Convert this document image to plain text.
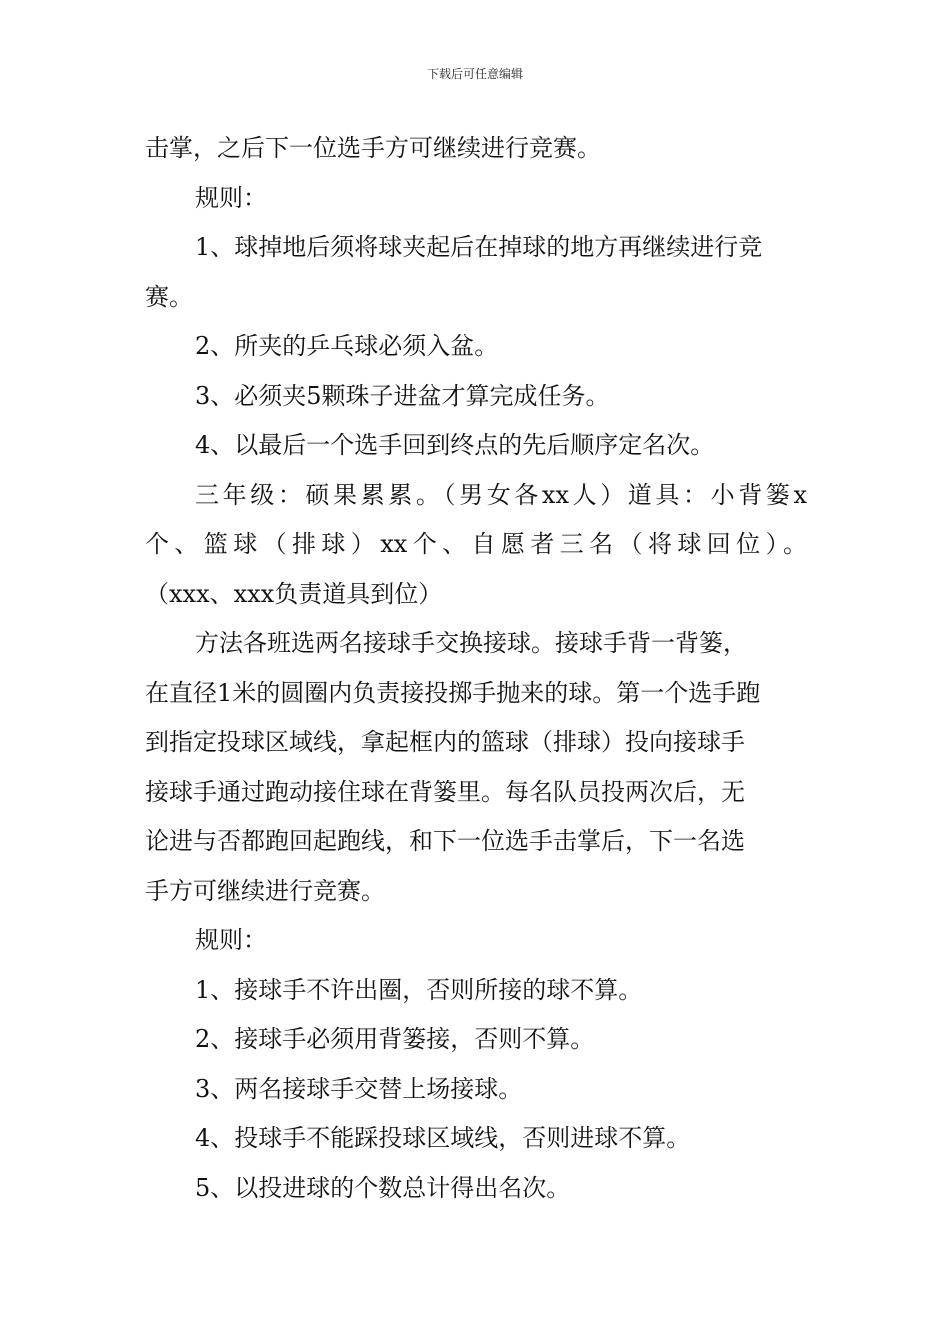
下载后可任意编辑
击掌，之后下一位选手方可继续进行竞赛。
规则：
1、球掉地后须将球夹起后在掉球的地方再继续进行竞
赛。
2、所夹的乒乓球必须入盆。
3、必须夹5颗珠子进盆才算完成任务。
4、以最后一个选手回到终点的先后顺序定名次。
三年级：硕果累累。（男女各xx人）道具：小背篓x
个、篮球（排球）xx个、自愿者三名（将球回位）。
（xxx、xxx负责道具到位）
方法各班选两名接球手交换接球。接球手背一背篓，
在直径1米的圆圈内负责接投掷手抛来的球。第一个选手跑
到指定投球区域线，拿起框内的篮球（排球）投向接球手
接球手通过跑动接住球在背篓里。每名队员投两次后，无
论进与否都跑回起跑线，和下一位选手击掌后，下一名选
手方可继续进行竞赛。
规则：
1、接球手不许出圈，否则所接的球不算。
2、接球手必须用背篓接，否则不算。
3、两名接球手交替上场接球。
4、投球手不能踩投球区域线，否则进球不算。
5、以投进球的个数总计得出名次。
